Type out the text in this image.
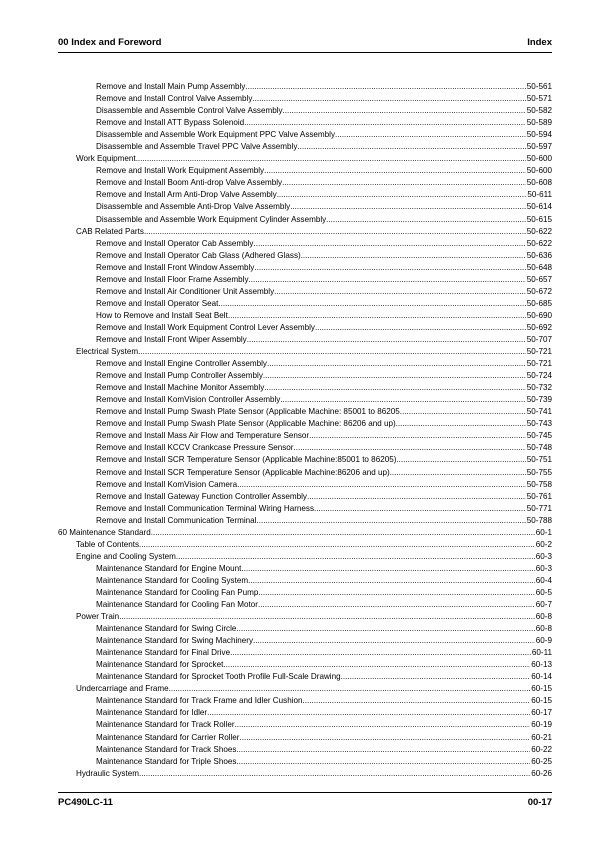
00 Index and Foreword	Index
Remove and Install Main Pump Assembly .....	50-561
Remove and Install Control Valve Assembly .....	50-571
Disassemble and Assemble Control Valve Assembly .....	50-582
Remove and Install ATT Bypass Solenoid .....	50-589
Disassemble and Assemble Work Equipment PPC Valve Assembly .....	50-594
Disassemble and Assemble Travel PPC Valve Assembly .....	50-597
Work Equipment .....	50-600
Remove and Install Work Equipment Assembly .....	50-600
Remove and Install Boom Anti-drop Valve Assembly .....	50-608
Remove and Install Arm Anti-Drop Valve Assembly .....	50-611
Disassemble and Assemble Anti-Drop Valve Assembly .....	50-614
Disassemble and Assemble Work Equipment Cylinder Assembly .....	50-615
CAB Related Parts .....	50-622
Remove and Install Operator Cab Assembly .....	50-622
Remove and Install Operator Cab Glass (Adhered Glass) .....	50-636
Remove and Install Front Window Assembly .....	50-648
Remove and Install Floor Frame Assembly .....	50-657
Remove and Install Air Conditioner Unit Assembly .....	50-672
Remove and Install Operator Seat .....	50-685
How to Remove and Install Seat Belt .....	50-690
Remove and Install Work Equipment Control Lever Assembly .....	50-692
Remove and Install Front Wiper Assembly .....	50-707
Electrical System .....	50-721
Remove and Install Engine Controller Assembly .....	50-721
Remove and Install Pump Controller Assembly .....	50-724
Remove and Install Machine Monitor Assembly .....	50-732
Remove and Install KomVision Controller Assembly .....	50-739
Remove and Install Pump Swash Plate Sensor (Applicable Machine: 85001 to 86205 .....	50-741
Remove and Install Pump Swash Plate Sensor (Applicable Machine: 86206 and up) .....	50-743
Remove and Install Mass Air Flow and Temperature Sensor .....	50-745
Remove and Install KCCV Crankcase Pressure Sensor .....	50-748
Remove and Install SCR Temperature Sensor (Applicable Machine:85001 to 86205) .....	50-751
Remove and Install SCR Temperature Sensor (Applicable Machine:86206 and up) .....	50-755
Remove and Install KomVision Camera .....	50-758
Remove and Install Gateway Function Controller Assembly .....	50-761
Remove and Install Communication Terminal Wiring Harness .....	50-771
Remove and Install Communication Terminal .....	50-788
60 Maintenance Standard .....	60-1
Table of Contents .....	60-2
Engine and Cooling System .....	60-3
Maintenance Standard for Engine Mount .....	60-3
Maintenance Standard for Cooling System .....	60-4
Maintenance Standard for Cooling Fan Pump .....	60-5
Maintenance Standard for Cooling Fan Motor .....	60-7
Power Train .....	60-8
Maintenance Standard for Swing Circle .....	60-8
Maintenance Standard for Swing Machinery .....	60-9
Maintenance Standard for Final Drive .....	60-11
Maintenance Standard for Sprocket .....	60-13
Maintenance Standard for Sprocket Tooth Profile Full-Scale Drawing .....	60-14
Undercarriage and Frame .....	60-15
Maintenance Standard for Track Frame and Idler Cushion .....	60-15
Maintenance Standard for Idler .....	60-17
Maintenance Standard for Track Roller .....	60-19
Maintenance Standard for Carrier Roller .....	60-21
Maintenance Standard for Track Shoes .....	60-22
Maintenance Standard for Triple Shoes .....	60-25
Hydraulic System .....	60-26
PC490LC-11	00-17
